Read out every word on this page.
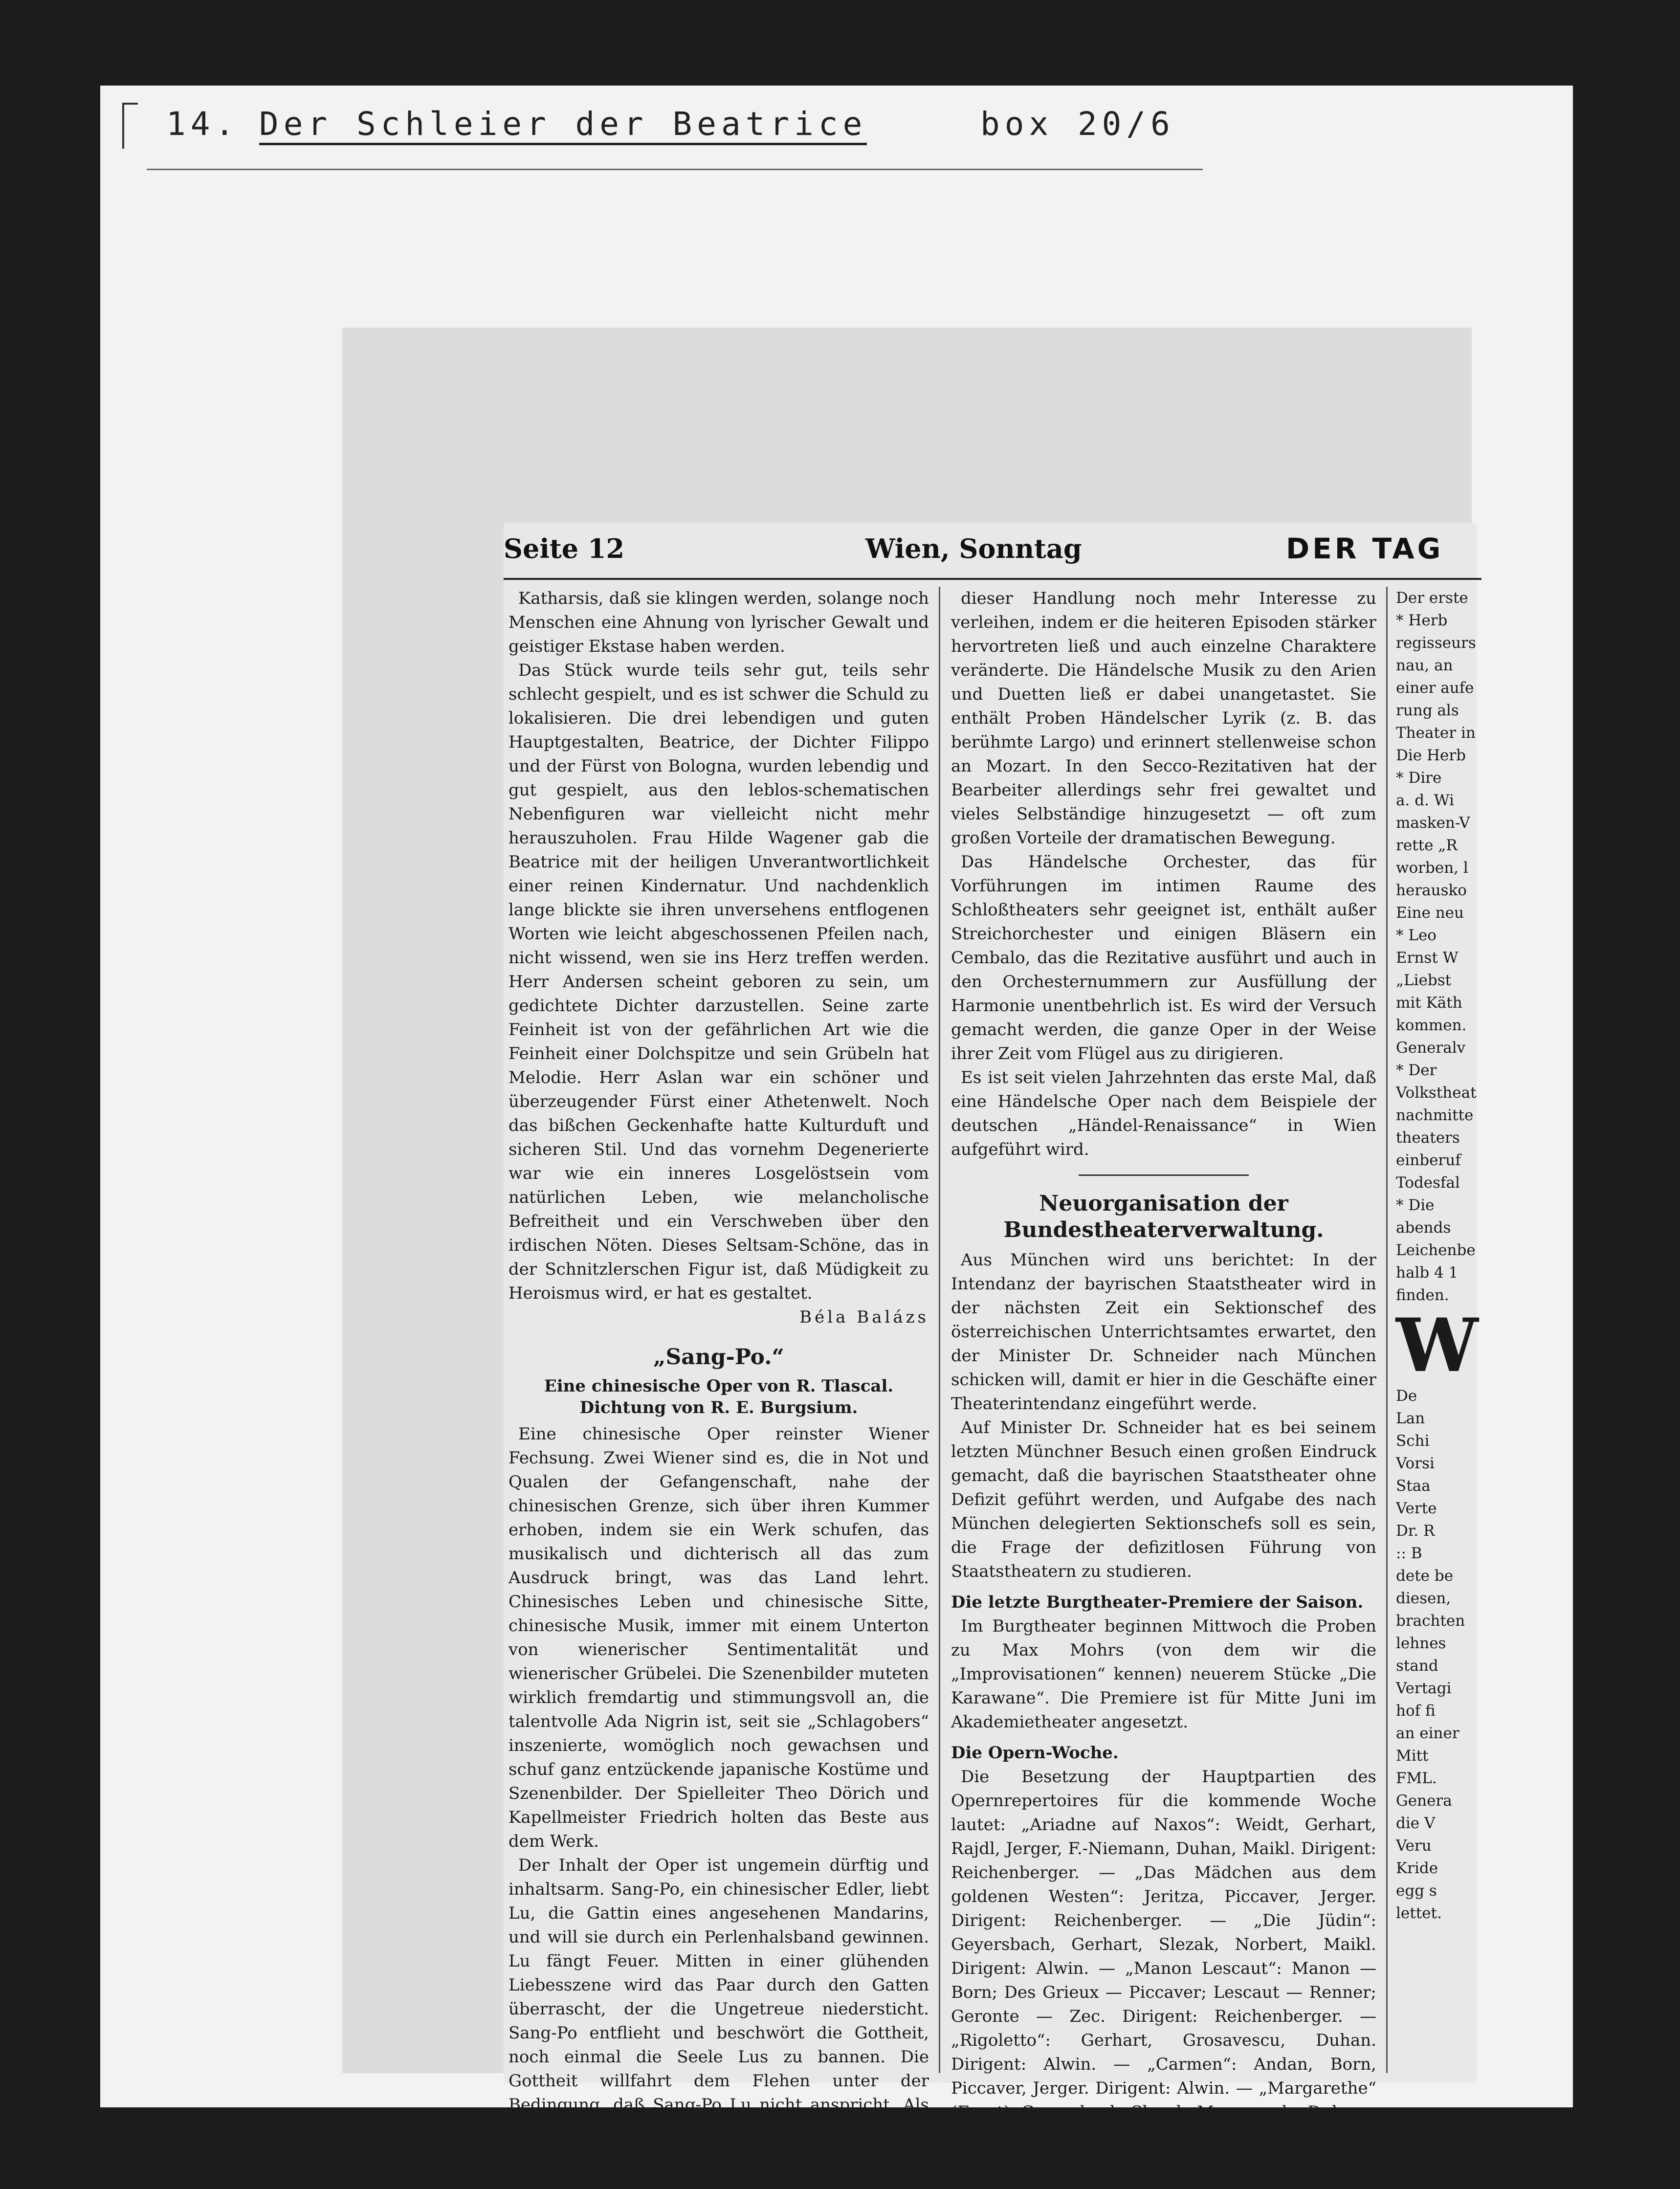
14. Der Schleier der Beatrice	box 20/6
Seite 12	Wien, Sonntag	DER TAG

Katharsis, daß sie klingen werden, solange noch Menschen eine Ahnung von lyrischer Gewalt und geistiger Ekstase haben werden.

Das Stück wurde teils sehr gut, teils sehr schlecht gespielt, und es ist schwer die Schuld zu lokalisieren. Die drei lebendigen und guten Hauptgestalten, Beatrice, der Dichter Filippo und der Fürst von Bologna, wurden lebendig und gut gespielt, aus den leblos-schematischen Nebenfiguren war vielleicht nicht mehr herauszuholen. Frau Hilde Wagener gab die Beatrice mit der heiligen Unverantwortlichkeit einer reinen Kindernatur. Und nachdenklich lange blickte sie ihren unversehens entflogenen Worten wie leicht abgeschossenen Pfeilen nach, nicht wissend, wen sie ins Herz treffen werden. Herr Andersen scheint geboren zu sein, um gedichtete Dichter darzustellen. Seine zarte Feinheit ist von der gefährlichen Art wie die Feinheit einer Dolchspitze und sein Grübeln hat Melodie. Herr Aslan war ein schöner und überzeugender Fürst einer Athetenwelt. Noch das bißchen Geckenhafte hatte Kulturduft und sicheren Stil. Und das vornehm Degenerierte war wie ein inneres Losgelöstsein vom natürlichen Leben, wie melancholische Befreitheit und ein Verschweben über den irdischen Nöten. Dieses Seltsam-Schöne, das in der Schnitzlerschen Figur ist, daß Müdigkeit zu Heroismus wird, er hat es gestaltet.

Béla Balázs

„Sang-Po.“
Eine chinesische Oper von R. Tlascal. Dichtung von R. E. Burgsium.

Eine chinesische Oper reinster Wiener Fechsung. Zwei Wiener sind es, die in Not und Qualen der Gefangenschaft, nahe der chinesischen Grenze, sich über ihren Kummer erhoben, indem sie ein Werk schufen, das musikalisch und dichterisch all das zum Ausdruck bringt, was das Land lehrt. Chinesisches Leben und chinesische Sitte, chinesische Musik, immer mit einem Unterton von wienerischer Sentimentalität und wienerischer Grübelei. Die Szenenbilder muteten wirklich fremdartig und stimmungsvoll an, die talentvolle Ada Nigrin ist, seit sie „Schlagobers“ inszenierte, womöglich noch gewachsen und schuf ganz entzückende japanische Kostüme und Szenenbilder. Der Spielleiter Theo Dörich und Kapellmeister Friedrich holten das Beste aus dem Werk.

Der Inhalt der Oper ist ungemein dürftig und inhaltsarm. Sang-Po, ein chinesischer Edler, liebt Lu, die Gattin eines angesehenen Mandarins, und will sie durch ein Perlenhalsband gewinnen. Lu fängt Feuer. Mitten in einer glühenden Liebesszene wird das Paar durch den Gatten überrascht, der die Ungetreue niedersticht. Sang-Po entflieht und beschwört die Gottheit, noch einmal die Seele Lus zu bannen. Die Gottheit willfahrt dem Flehen unter der Bedingung, daß Sang-Po Lu nicht anspricht. Als der Liebende aber die Seele Lien-Yangs vor sich sieht, kann er sich nicht bezwingen und die Dämonen erwürgen

dieser Handlung noch mehr Interesse zu verleihen, indem er die heiteren Episoden stärker hervortreten ließ und auch einzelne Charaktere veränderte. Die Händelsche Musik zu den Arien und Duetten ließ er dabei unangetastet. Sie enthält Proben Händelscher Lyrik (z. B. das berühmte Largo) und erinnert stellenweise schon an Mozart. In den Secco-Rezitativen hat der Bearbeiter allerdings sehr frei gewaltet und vieles Selbständige hinzugesetzt — oft zum großen Vorteile der dramatischen Bewegung.

Das Händelsche Orchester, das für Vorführungen im intimen Raume des Schloßtheaters sehr geeignet ist, enthält außer Streichorchester und einigen Bläsern ein Cembalo, das die Rezitative ausführt und auch in den Orchesternummern zur Ausfüllung der Harmonie unentbehrlich ist. Es wird der Versuch gemacht werden, die ganze Oper in der Weise ihrer Zeit vom Flügel aus zu dirigieren.

Es ist seit vielen Jahrzehnten das erste Mal, daß eine Händelsche Oper nach dem Beispiele der deutschen „Händel-Renaissance“ in Wien aufgeführt wird.

Neuorganisation der Bundestheaterverwaltung.

Aus München wird uns berichtet: In der Intendanz der bayrischen Staatstheater wird in der nächsten Zeit ein Sektionschef des österreichischen Unterrichtsamtes erwartet, den der Minister Dr. Schneider nach München schicken will, damit er hier in die Geschäfte einer Theaterintendanz eingeführt werde.

Auf Minister Dr. Schneider hat es bei seinem letzten Münchner Besuch einen großen Eindruck gemacht, daß die bayrischen Staatstheater ohne Defizit geführt werden, und Aufgabe des nach München delegierten Sektionschefs soll es sein, die Frage der defizitlosen Führung von Staatstheatern zu studieren.

Die letzte Burgtheater-Premiere der Saison.

Im Burgtheater beginnen Mittwoch die Proben zu Max Mohrs (von dem wir die „Improvisationen“ kennen) neuerem Stücke „Die Karawane“. Die Premiere ist für Mitte Juni im Akademietheater angesetzt.

Die Opern-Woche.

Die Besetzung der Hauptpartien des Opernrepertoires für die kommende Woche lautet: „Ariadne auf Naxos“: Weidt, Gerhart, Rajdl, Jerger, F.-Niemann, Duhan, Maikl. Dirigent: Reichenberger. — „Das Mädchen aus dem goldenen Westen“: Jeritza, Piccaver, Jerger. Dirigent: Reichenberger. — „Die Jüdin“: Geyersbach, Gerhart, Slezak, Norbert, Maikl. Dirigent: Alwin. — „Manon Lescaut“: Manon — Born; Des Grieux — Piccaver; Lescaut — Renner; Geronte — Zec. Dirigent: Reichenberger. — „Rigoletto“: Gerhart, Grosavescu, Duhan. Dirigent: Alwin. — „Carmen“: Andan, Born, Piccaver, Jerger. Dirigent: Alwin. — „Margarethe“ (Faust): Geyersbach, Slezak, Manowarda, Duhan.

Der erste
* Herb
regisseurs
nau, an
einer aufe
rung als
Theater in
Die Herb
* Dire
a. d. Wi
masken-V
rette „R
worben, l
herausko
Eine neu
* Leo
Ernst W
„Liebst
mit Käth
kommen.
Generalv
* Der
Volkstheat
nachmitte
theaters
einberuf
Todesfal
* Die
abends
Leichenbe
halb 4 1
finden.
W
De
Lan
Schi
Vorsi
Staa
Verte
Dr. R
:: B
dete be
diesen,
brachten
lehnes
stand
Vertagi
hof fi
an einer
Mitt
FML.
Genera
die V
Veru
Kride
egg s
lettet.
